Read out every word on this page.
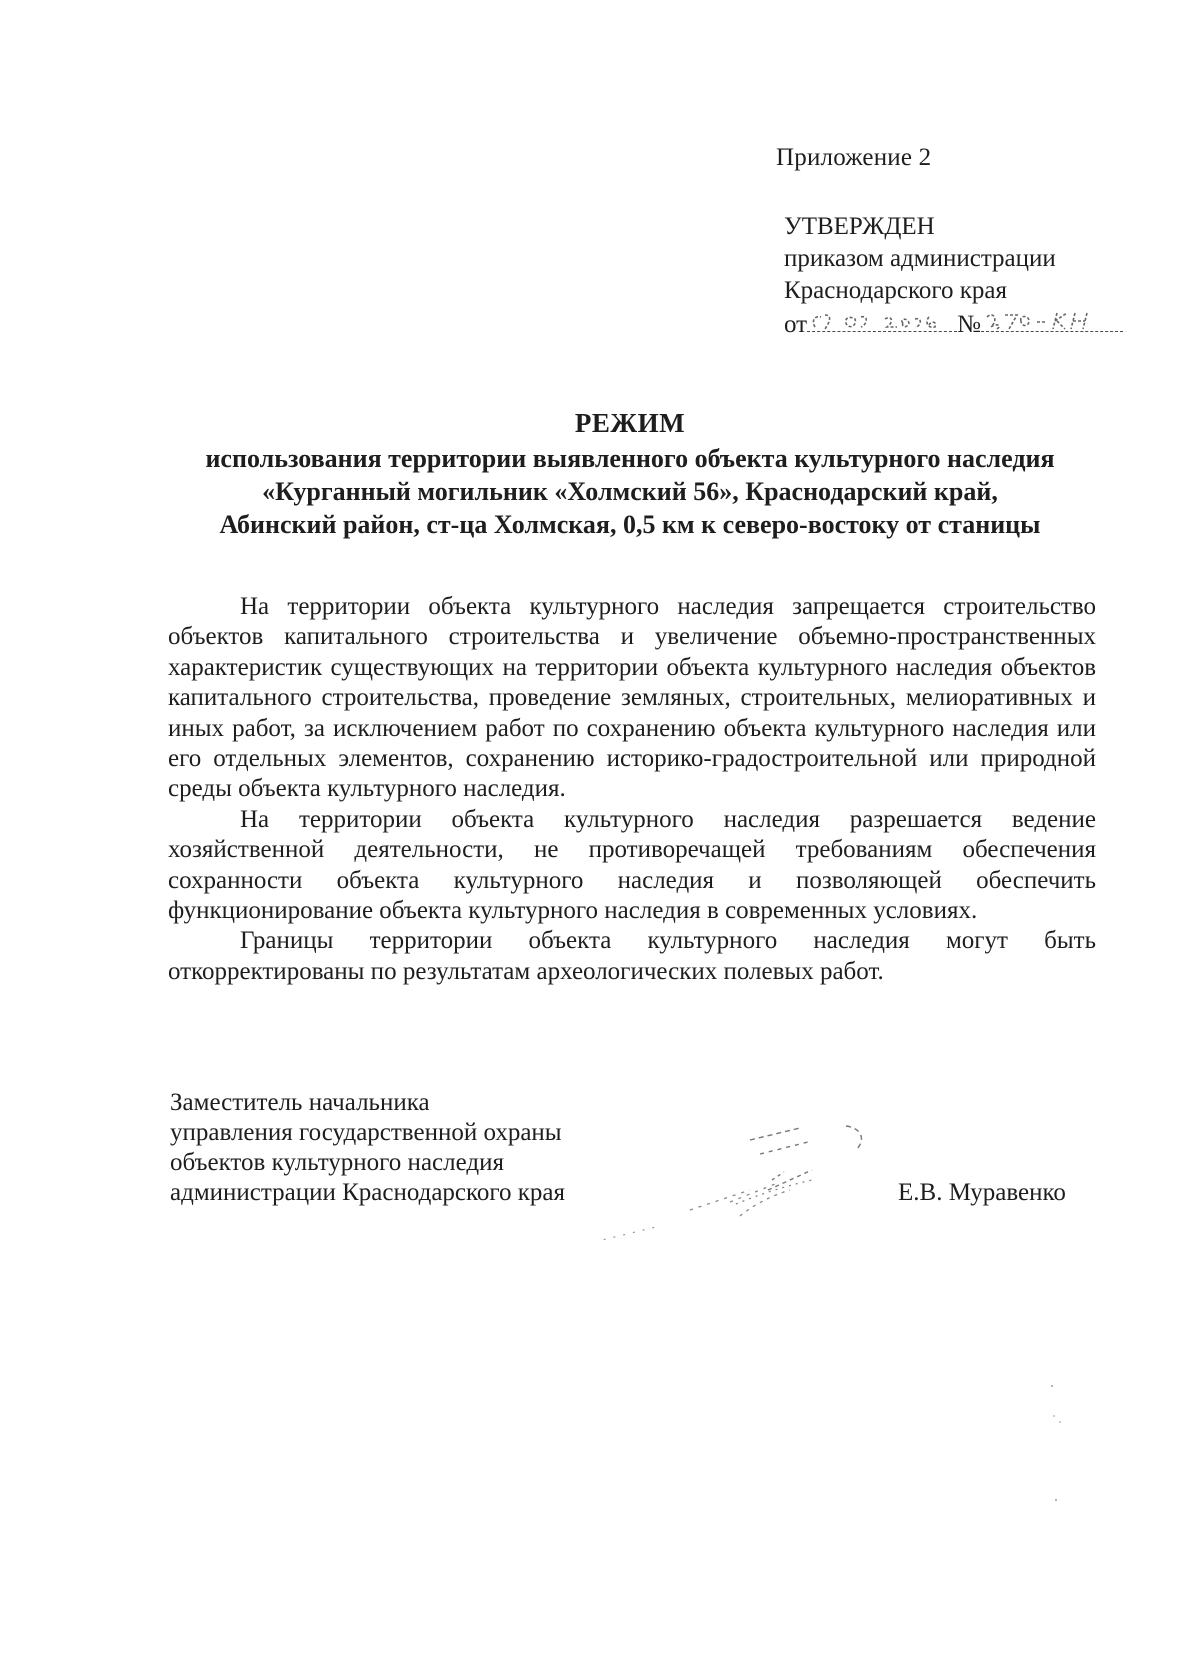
Приложение 2
УТВЕРЖДЕН
приказом администрации
Краснодарского края
от	№
РЕЖИМ
использования территории выявленного объекта культурного наследия
«Курганный могильник «Холмский 56», Краснодарский край,
Абинский район, ст-ца Холмская, 0,5 км к северо-востоку от станицы

На территории объекта культурного наследия запрещается строительство объектов капитального строительства и увеличение объемно-пространственных характеристик существующих на территории объекта культурного наследия объектов капитального строительства, проведение земляных, строительных, мелиоративных и иных работ, за исключением работ по сохранению объекта культурного наследия или его отдельных элементов, сохранению историко-градостроительной или природной среды объекта культурного наследия.

На территории объекта культурного наследия разрешается ведение хозяйственной деятельности, не противоречащей требованиям обеспечения сохранности объекта культурного наследия и позволяющей обеспечить функционирование объекта культурного наследия в современных условиях.

Границы территории объекта культурного наследия могут быть откорректированы по результатам археологических полевых работ.

Заместитель начальника
управления государственной охраны
объектов культурного наследия
администрации Краснодарского края	Е.В. Муравенко
